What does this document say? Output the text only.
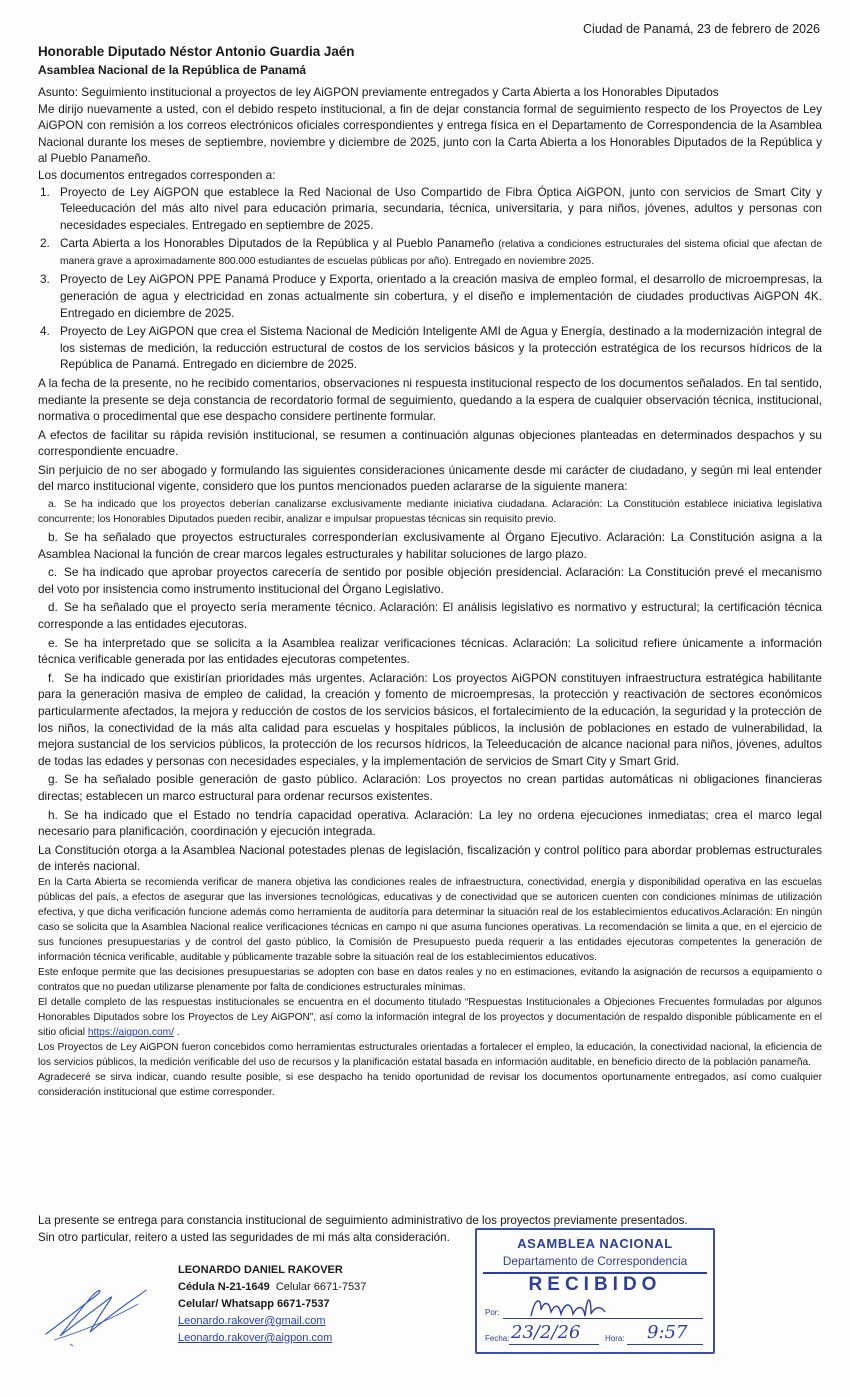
Ciudad de Panamá, 23 de febrero de 2026
Honorable Diputado Néstor Antonio Guardia Jaén
Asamblea Nacional de la República de Panamá

Asunto: Seguimiento institucional a proyectos de ley AiGPON previamente entregados y Carta Abierta a los Honorables Diputados

Me dirijo nuevamente a usted, con el debido respeto institucional, a fin de dejar constancia formal de seguimiento respecto de los Proyectos de Ley AiGPON con remisión a los correos electrónicos oficiales correspondientes y entrega física en el Departamento de Correspondencia de la Asamblea Nacional durante los meses de septiembre, noviembre y diciembre de 2025, junto con la Carta Abierta a los Honorables Diputados de la República y al Pueblo Panameño.

Los documentos entregados corresponden a:

1. Proyecto de Ley AiGPON que establece la Red Nacional de Uso Compartido de Fibra Óptica AiGPON, junto con servicios de Smart City y Teleeducación del más alto nivel para educación primaria, secundaria, técnica, universitaria, y para niños, jóvenes, adultos y personas con necesidades especiales. Entregado en septiembre de 2025.
2. Carta Abierta a los Honorables Diputados de la República y al Pueblo Panameño (relativa a condiciones estructurales del sistema oficial que afectan de manera grave a aproximadamente 800.000 estudiantes de escuelas públicas por año). Entregado en noviembre 2025.
3. Proyecto de Ley AiGPON PPE Panamá Produce y Exporta, orientado a la creación masiva de empleo formal, el desarrollo de microempresas, la generación de agua y electricidad en zonas actualmente sin cobertura, y el diseño e implementación de ciudades productivas AiGPON 4K. Entregado en diciembre de 2025.
4. Proyecto de Ley AiGPON que crea el Sistema Nacional de Medición Inteligente AMI de Agua y Energía, destinado a la modernización integral de los sistemas de medición, la reducción estructural de costos de los servicios básicos y la protección estratégica de los recursos hídricos de la República de Panamá. Entregado en diciembre de 2025.

A la fecha de la presente, no he recibido comentarios, observaciones ni respuesta institucional respecto de los documentos señalados. En tal sentido, mediante la presente se deja constancia de recordatorio formal de seguimiento, quedando a la espera de cualquier observación técnica, institucional, normativa o procedimental que ese despacho considere pertinente formular.

A efectos de facilitar su rápida revisión institucional, se resumen a continuación algunas objeciones planteadas en determinados despachos y su correspondiente encuadre.

Sin perjuicio de no ser abogado y formulando las siguientes consideraciones únicamente desde mi carácter de ciudadano, y según mi leal entender del marco institucional vigente, considero que los puntos mencionados pueden aclararse de la siguiente manera:

a. Se ha indicado que los proyectos deberían canalizarse exclusivamente mediante iniciativa ciudadana. Aclaración: La Constitución establece iniciativa legislativa concurrente; los Honorables Diputados pueden recibir, analizar e impulsar propuestas técnicas sin requisito previo.

b. Se ha señalado que proyectos estructurales corresponderían exclusivamente al Órgano Ejecutivo. Aclaración: La Constitución asigna a la Asamblea Nacional la función de crear marcos legales estructurales y habilitar soluciones de largo plazo.

c. Se ha indicado que aprobar proyectos carecería de sentido por posible objeción presidencial. Aclaración: La Constitución prevé el mecanismo del voto por insistencia como instrumento institucional del Órgano Legislativo.

d. Se ha señalado que el proyecto sería meramente técnico. Aclaración: El análisis legislativo es normativo y estructural; la certificación técnica corresponde a las entidades ejecutoras.

e. Se ha interpretado que se solicita a la Asamblea realizar verificaciones técnicas. Aclaración: La solicitud refiere únicamente a información técnica verificable generada por las entidades ejecutoras competentes.

f. Se ha indicado que existirían prioridades más urgentes. Aclaración: Los proyectos AiGPON constituyen infraestructura estratégica habilitante para la generación masiva de empleo de calidad, la creación y fomento de microempresas, la protección y reactivación de sectores económicos particularmente afectados, la mejora y reducción de costos de los servicios básicos, el fortalecimiento de la educación, la seguridad y la protección de los niños, la conectividad de la más alta calidad para escuelas y hospitales públicos, la inclusión de poblaciones en estado de vulnerabilidad, la mejora sustancial de los servicios públicos, la protección de los recursos hídricos, la Teleeducación de alcance nacional para niños, jóvenes, adultos de todas las edades y personas con necesidades especiales, y la implementación de servicios de Smart City y Smart Grid.

g. Se ha señalado posible generación de gasto público. Aclaración: Los proyectos no crean partidas automáticas ni obligaciones financieras directas; establecen un marco estructural para ordenar recursos existentes.

h. Se ha indicado que el Estado no tendría capacidad operativa. Aclaración: La ley no ordena ejecuciones inmediatas; crea el marco legal necesario para planificación, coordinación y ejecución integrada.

La Constitución otorga a la Asamblea Nacional potestades plenas de legislación, fiscalización y control político para abordar problemas estructurales de interés nacional.

En la Carta Abierta se recomienda verificar de manera objetiva las condiciones reales de infraestructura, conectividad, energía y disponibilidad operativa en las escuelas públicas del país, a efectos de asegurar que las inversiones tecnológicas, educativas y de conectividad que se autoricen cuenten con condiciones mínimas de utilización efectiva, y que dicha verificación funcione además como herramienta de auditoría para determinar la situación real de los establecimientos educativos.Aclaración: En ningún caso se solicita que la Asamblea Nacional realice verificaciones técnicas en campo ni que asuma funciones operativas. La recomendación se limita a que, en el ejercicio de sus funciones presupuestarias y de control del gasto público, la Comisión de Presupuesto pueda requerir a las entidades ejecutoras competentes la generación de información técnica verificable, auditable y públicamente trazable sobre la situación real de los establecimientos educativos.

Este enfoque permite que las decisiones presupuestarias se adopten con base en datos reales y no en estimaciones, evitando la asignación de recursos a equipamiento o contratos que no puedan utilizarse plenamente por falta de condiciones estructurales mínimas.

El detalle completo de las respuestas institucionales se encuentra en el documento titulado “Respuestas Institucionales a Objeciones Frecuentes formuladas por algunos Honorables Diputados sobre los Proyectos de Ley AiGPON”, así como la información integral de los proyectos y documentación de respaldo disponible públicamente en el sitio oficial https://aigpon.com/ .

Los Proyectos de Ley AiGPON fueron concebidos como herramientas estructurales orientadas a fortalecer el empleo, la educación, la conectividad nacional, la eficiencia de los servicios públicos, la medición verificable del uso de recursos y la planificación estatal basada en información auditable, en beneficio directo de la población panameña.

Agradeceré se sirva indicar, cuando resulte posible, si ese despacho ha tenido oportunidad de revisar los documentos oportunamente entregados, así como cualquier consideración institucional que estime corresponder.

La presente se entrega para constancia institucional de seguimiento administrativo de los proyectos previamente presentados.
Sin otro particular, reitero a usted las seguridades de mi más alta consideración.
LEONARDO DANIEL RAKOVER
Cédula N-21-1649 Celular 6671-7537
Celular/ Whatsapp 6671-7537
Leonardo.rakover@gmail.com
Leonardo.rakover@aigpon.com
ASAMBLEA NACIONAL
Departamento de Correspondencia
RECIBIDO
Por:
Fecha: 23/2/26	Hora: 9:57
